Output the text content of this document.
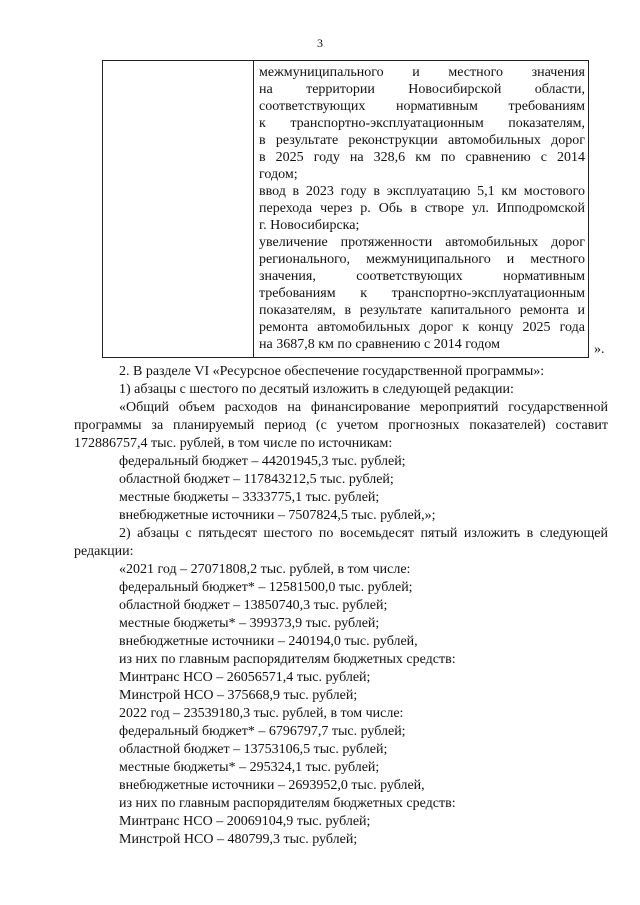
3
межмуниципального и местного значения
на территории Новосибирской области,
соответствующих нормативным требованиям
к транспортно-эксплуатационным показателям,
в результате реконструкции автомобильных дорог
в 2025 году на 328,6 км по сравнению с 2014
годом;
ввод в 2023 году в эксплуатацию 5,1 км мостового
перехода через р. Обь в створе ул. Ипподромской
г. Новосибирска;
увеличение протяженности автомобильных дорог
регионального, межмуниципального и местного
значения, соответствующих нормативным
требованиям к транспортно-эксплуатационным
показателям, в результате капитального ремонта и
ремонта автомобильных дорог к концу 2025 года
на 3687,8 км по сравнению с 2014 годом	».
2. В разделе VI «Ресурсное обеспечение государственной программы»:
1) абзацы с шестого по десятый изложить в следующей редакции:
«Общий объем расходов на финансирование мероприятий государственной
программы за планируемый период (с учетом прогнозных показателей) составит
172886757,4 тыс. рублей, в том числе по источникам:
федеральный бюджет – 44201945,3 тыс. рублей;
областной бюджет – 117843212,5 тыс. рублей;
местные бюджеты – 3333775,1 тыс. рублей;
внебюджетные источники – 7507824,5 тыс. рублей,»;
2) абзацы с пятьдесят шестого по восемьдесят пятый изложить в следующей
редакции:
«2021 год – 27071808,2 тыс. рублей, в том числе:
федеральный бюджет* – 12581500,0 тыс. рублей;
областной бюджет – 13850740,3 тыс. рублей;
местные бюджеты* – 399373,9 тыс. рублей;
внебюджетные источники – 240194,0 тыс. рублей,
из них по главным распорядителям бюджетных средств:
Минтранс НСО – 26056571,4 тыс. рублей;
Минстрой НСО – 375668,9 тыс. рублей;
2022 год – 23539180,3 тыс. рублей, в том числе:
федеральный бюджет* – 6796797,7 тыс. рублей;
областной бюджет – 13753106,5 тыс. рублей;
местные бюджеты* – 295324,1 тыс. рублей;
внебюджетные источники – 2693952,0 тыс. рублей,
из них по главным распорядителям бюджетных средств:
Минтранс НСО – 20069104,9 тыс. рублей;
Минстрой НСО – 480799,3 тыс. рублей;
